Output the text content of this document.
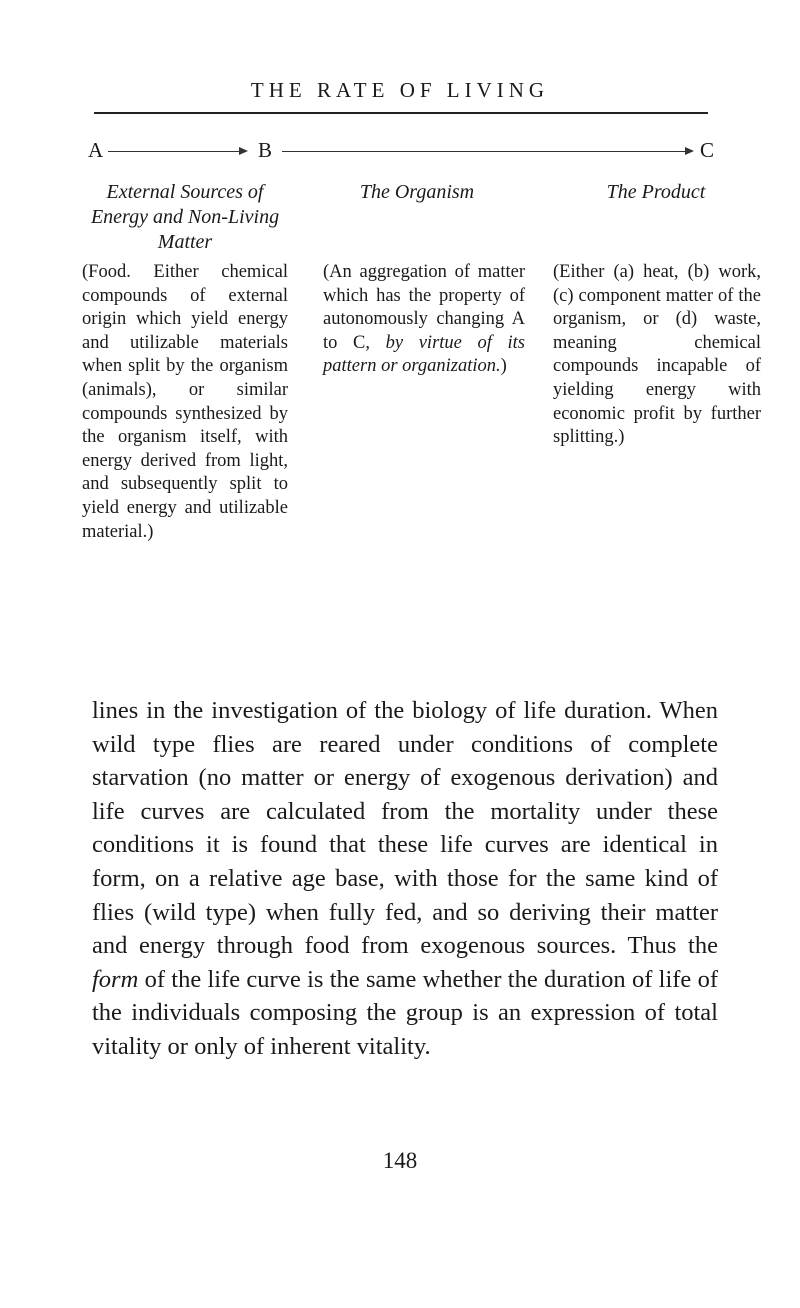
THE RATE OF LIVING
A	B	C
External Sources of Energy and Non-Living Matter
(Food. Either chemical compounds of external origin which yield energy and utilizable materials when split by the organism (animals), or similar compounds synthesized by the organism itself, with energy derived from light, and subsequently split to yield energy and utilizable material.)
The Organism
(An aggregation of matter which has the property of autonomously changing A to C, by virtue of its pattern or organization.)
The Product
(Either (a) heat, (b) work, (c) component matter of the organism, or (d) waste, meaning chemical compounds incapable of yielding energy with economic profit by further splitting.)
lines in the investigation of the biology of life duration. When wild type flies are reared under conditions of complete starvation (no matter or energy of exogenous derivation) and life curves are calculated from the mortality under these conditions it is found that these life curves are identical in form, on a relative age base, with those for the same kind of flies (wild type) when fully fed, and so deriving their matter and energy through food from exogenous sources. Thus the form of the life curve is the same whether the duration of life of the individuals composing the group is an expression of total vitality or only of inherent vitality.
148
